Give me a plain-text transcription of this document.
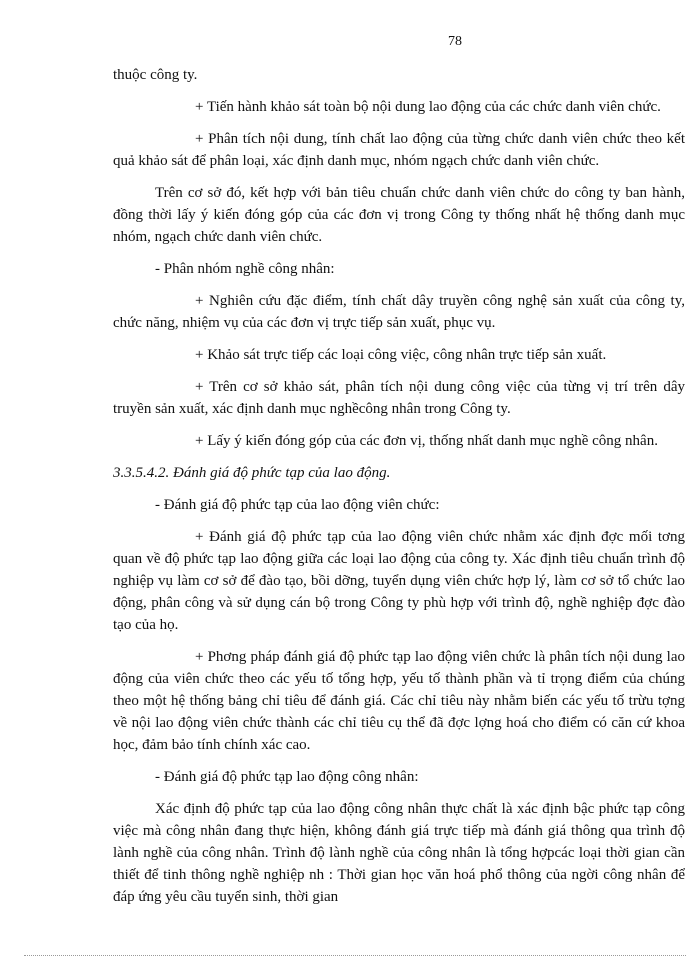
78

thuộc công ty.

+ Tiến hành khảo sát toàn bộ nội dung lao động của các chức danh viên chức.

+ Phân tích nội dung, tính chất lao động của từng chức danh viên chức theo kết quả khảo sát để phân loại, xác định danh mục, nhóm ngạch chức danh viên chức.

Trên cơ sở đó, kết hợp với bản tiêu chuẩn chức danh viên chức do công ty ban hành, đồng thời lấy ý kiến đóng góp của các đơn vị trong Công ty thống nhất hệ thống danh mục nhóm, ngạch chức danh viên chức.

- Phân nhóm nghề công nhân:

+ Nghiên cứu đặc điểm, tính chất dây truyền công nghệ sản xuất của công ty, chức năng, nhiệm vụ của các đơn vị trực tiếp sản xuất, phục vụ.

+ Khảo sát trực tiếp các loại công việc, công nhân trực tiếp sản xuất.

+ Trên cơ sở khảo sát, phân tích nội dung công việc của từng vị trí trên dây truyền sản xuất, xác định danh mục nghềcông nhân trong Công ty.

+ Lấy ý kiến đóng góp của các đơn vị, thống nhất danh mục nghề công nhân.

3.3.5.4.2. Đánh giá độ phức tạp của lao động.

- Đánh giá độ phức tạp của lao động viên chức:

+ Đánh giá độ phức tạp của lao động viên chức nhằm xác định đợc mối tơng quan về độ phức tạp lao động giữa các loại lao động của công ty. Xác định tiêu chuẩn trình độ nghiệp vụ làm cơ sở để đào tạo, bồi dỡng, tuyển dụng viên chức hợp lý, làm cơ sở tổ chức lao động, phân công và sử dụng cán bộ trong Công ty phù hợp với trình độ, nghề nghiệp đợc đào tạo của họ.

+ Phơng pháp đánh giá độ phức tạp lao động viên chức là phân tích nội dung lao động của viên chức theo các yếu tố tổng hợp, yếu tố thành phần và tỉ trọng điểm của chúng theo một hệ thống bảng chỉ tiêu để đánh giá. Các chỉ tiêu này nhằm biến các yếu tố trừu tợng về nội lao động viên chức thành các chỉ tiêu cụ thể đã đợc lợng hoá cho điểm có căn cứ khoa học, đảm bảo tính chính xác cao.

- Đánh giá độ phức tạp lao động công nhân:

Xác định độ phức tạp của lao động công nhân thực chất là xác định bậc phức tạp công việc mà công nhân đang thực hiện, không đánh giá trực tiếp mà đánh giá thông qua trình độ lành nghề của công nhân. Trình độ lành nghề của công nhân là tổng hợpcác loại thời gian cần thiết để tinh thông nghề nghiệp nh : Thời gian học văn hoá phổ thông của ngời công nhân để đáp ứng yêu cầu tuyển sinh, thời gian
